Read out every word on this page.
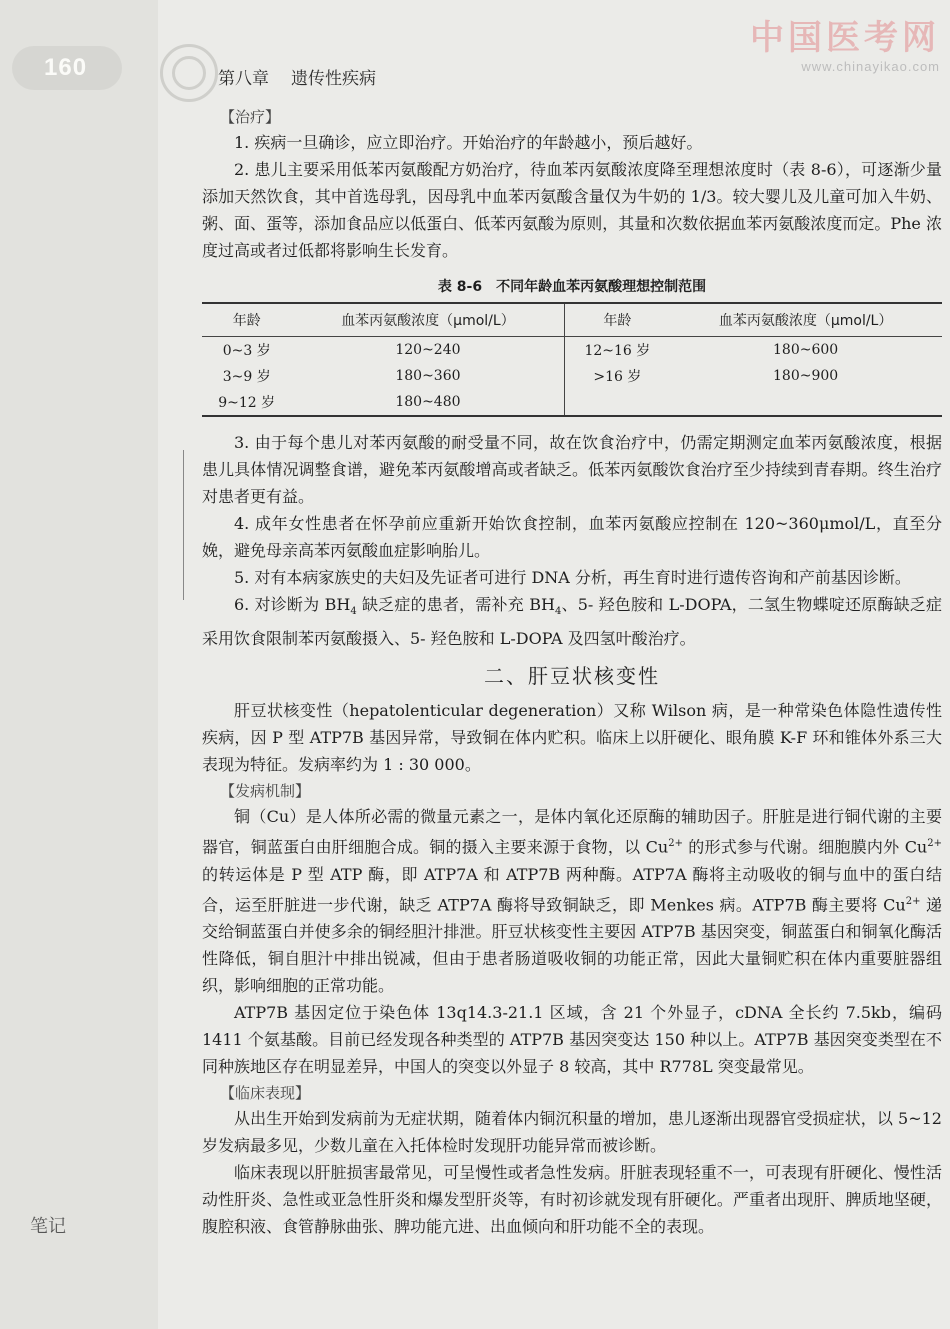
160	第八章 遗传性疾病
中国医考网
www.chinayikao.com
【治疗】

1. 疾病一旦确诊，应立即治疗。开始治疗的年龄越小，预后越好。

2. 患儿主要采用低苯丙氨酸配方奶治疗，待血苯丙氨酸浓度降至理想浓度时（表 8-6），可逐渐少量添加天然饮食，其中首选母乳，因母乳中血苯丙氨酸含量仅为牛奶的 1/3。较大婴儿及儿童可加入牛奶、粥、面、蛋等，添加食品应以低蛋白、低苯丙氨酸为原则，其量和次数依据血苯丙氨酸浓度而定。Phe 浓度过高或者过低都将影响生长发育。

表 8-6　不同年龄血苯丙氨酸理想控制范围
年龄	血苯丙氨酸浓度（μmol/L）	年龄	血苯丙氨酸浓度（μmol/L）
0~3 岁	120~240	12~16 岁	180~600
3~9 岁	180~360	>16 岁	180~900
9~12 岁	180~480		

3. 由于每个患儿对苯丙氨酸的耐受量不同，故在饮食治疗中，仍需定期测定血苯丙氨酸浓度，根据患儿具体情况调整食谱，避免苯丙氨酸增高或者缺乏。低苯丙氨酸饮食治疗至少持续到青春期。终生治疗对患者更有益。

4. 成年女性患者在怀孕前应重新开始饮食控制，血苯丙氨酸应控制在 120~360μmol/L，直至分娩，避免母亲高苯丙氨酸血症影响胎儿。

5. 对有本病家族史的夫妇及先证者可进行 DNA 分析，再生育时进行遗传咨询和产前基因诊断。

6. 对诊断为 $BH_4$ 缺乏症的患者，需补充 $BH_4$、5- 羟色胺和 L-DOPA，二氢生物蝶啶还原酶缺乏症采用饮食限制苯丙氨酸摄入、5- 羟色胺和 L-DOPA 及四氢叶酸治疗。

二、肝豆状核变性

肝豆状核变性（hepatolenticular degeneration）又称 Wilson 病，是一种常染色体隐性遗传性疾病，因 P 型 ATP7B 基因异常，导致铜在体内贮积。临床上以肝硬化、眼角膜 K-F 环和锥体外系三大表现为特征。发病率约为 1 : 30 000。

【发病机制】

铜（Cu）是人体所必需的微量元素之一，是体内氧化还原酶的辅助因子。肝脏是进行铜代谢的主要器官，铜蓝蛋白由肝细胞合成。铜的摄入主要来源于食物，以 $Cu^{2+}$ 的形式参与代谢。细胞膜内外 $Cu^{2+}$ 的转运体是 P 型 ATP 酶，即 ATP7A 和 ATP7B 两种酶。ATP7A 酶将主动吸收的铜与血中的蛋白结合，运至肝脏进一步代谢，缺乏 ATP7A 酶将导致铜缺乏，即 Menkes 病。ATP7B 酶主要将 $Cu^{2+}$ 递交给铜蓝蛋白并使多余的铜经胆汁排泄。肝豆状核变性主要因 ATP7B 基因突变，铜蓝蛋白和铜氧化酶活性降低，铜自胆汁中排出锐减，但由于患者肠道吸收铜的功能正常，因此大量铜贮积在体内重要脏器组织，影响细胞的正常功能。

ATP7B 基因定位于染色体 13q14.3-21.1 区域，含 21 个外显子，cDNA 全长约 7.5kb，编码 1411 个氨基酸。目前已经发现各种类型的 ATP7B 基因突变达 150 种以上。ATP7B 基因突变类型在不同种族地区存在明显差异，中国人的突变以外显子 8 较高，其中 R778L 突变最常见。

【临床表现】

从出生开始到发病前为无症状期，随着体内铜沉积量的增加，患儿逐渐出现器官受损症状，以 5~12 岁发病最多见，少数儿童在入托体检时发现肝功能异常而被诊断。

临床表现以肝脏损害最常见，可呈慢性或者急性发病。肝脏表现轻重不一，可表现有肝硬化、慢性活动性肝炎、急性或亚急性肝炎和爆发型肝炎等，有时初诊就发现有肝硬化。严重者出现肝、脾质地坚硬，腹腔积液、食管静脉曲张、脾功能亢进、出血倾向和肝功能不全的表现。

笔记
